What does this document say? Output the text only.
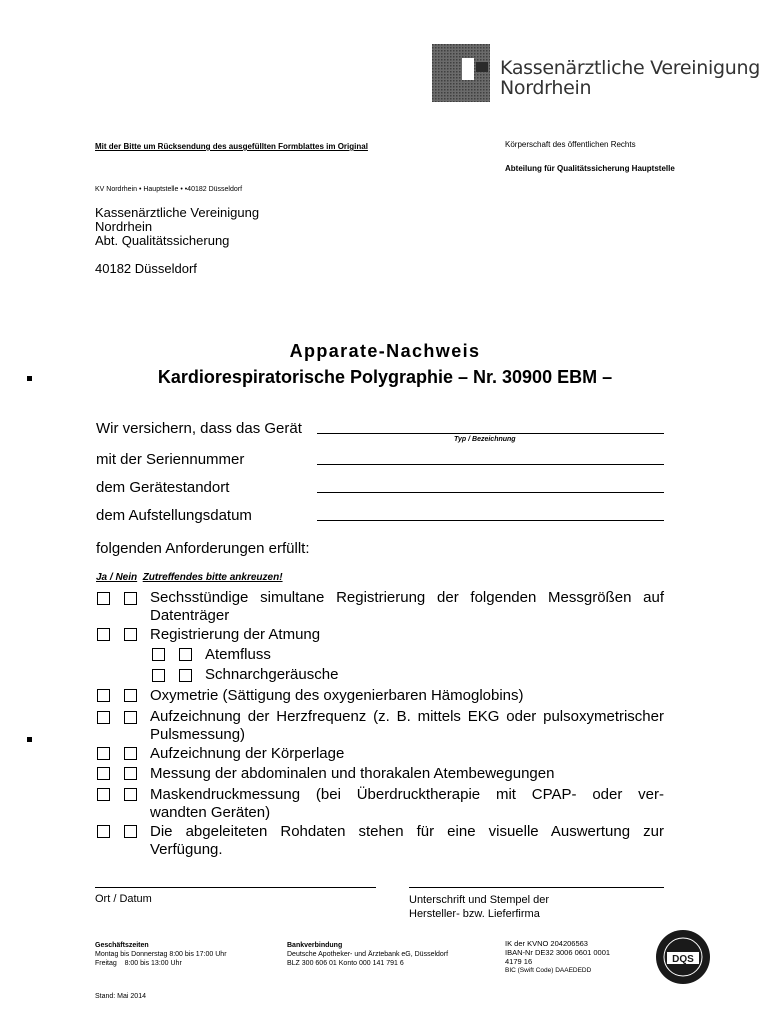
Kassenärztliche Vereinigung
Nordrhein
Mit der Bitte um Rücksendung des ausgefüllten Formblattes im Original	Körperschaft des öffentlichen Rechts
Abteilung für Qualitätssicherung Hauptstelle
KV Nordrhein • Hauptstelle • •40182 Düsseldorf
Kassenärztliche Vereinigung
Nordrhein
Abt. Qualitätssicherung
40182 Düsseldorf
Apparate-Nachweis
Kardiorespiratorische Polygraphie – Nr. 30900 EBM –
Wir versichern, dass das Gerät
Typ / Bezeichnung
mit der Seriennummer
dem Gerätestandort
dem Aufstellungsdatum
folgenden Anforderungen erfüllt:
Ja / Nein Zutreffendes bitte ankreuzen!
Sechsstündige simultane Registrierung der folgenden Messgrößen auf
Datenträger
Registrierung der Atmung
Atemfluss
Schnarchgeräusche
Oxymetrie (Sättigung des oxygenierbaren Hämoglobins)
Aufzeichnung der Herzfrequenz (z. B. mittels EKG oder pulsoxymetrischer
Pulsmessung)
Aufzeichnung der Körperlage
Messung der abdominalen und thorakalen Atembewegungen
Maskendruckmessung (bei Überdrucktherapie mit CPAP- oder ver-
wandten Geräten)
Die abgeleiteten Rohdaten stehen für eine visuelle Auswertung zur
Verfügung.
Ort / Datum	Unterschrift und Stempel der
Hersteller- bzw. Lieferfirma
Geschäftszeiten
Montag bis Donnerstag 8:00 bis 17:00 Uhr
Freitag    8:00 bis 13:00 Uhr
Bankverbindung
Deutsche Apotheker- und Ärztebank eG, Düsseldorf
BLZ 300 606 01 Konto 000 141 791 6
IK der KVNO 204206563
IBAN-Nr DE32 3006 0601 0001
4179 16
BIC (Swift Code) DAAEDEDD
DQS
Stand: Mai 2014
